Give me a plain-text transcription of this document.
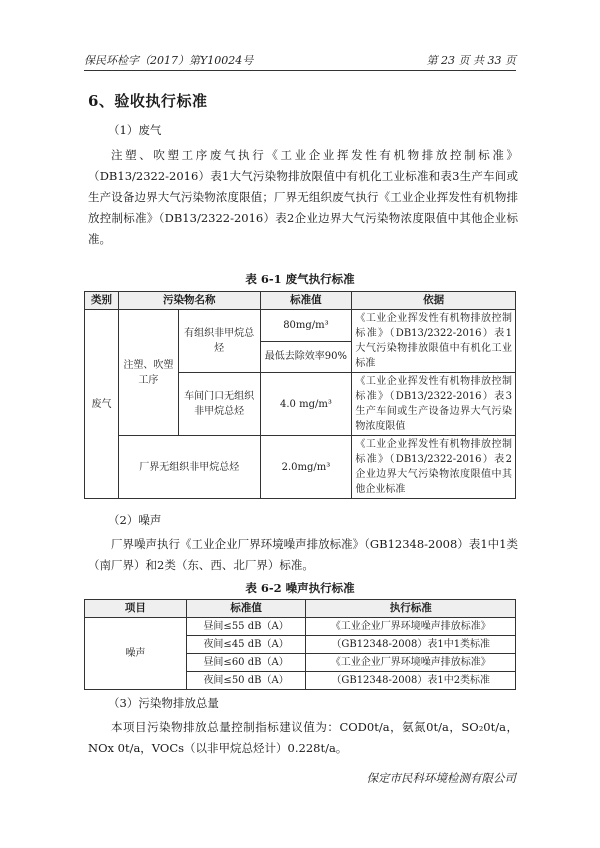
保民环检字（2017）第Y10024号	第 23 页 共 33 页
6、验收执行标准
（1）废气
注塑、吹塑工序废气执行《工业企业挥发性有机物排放控制标准》（DB13/2322-2016）表1大气污染物排放限值中有机化工业标准和表3生产车间或生产设备边界大气污染物浓度限值；厂界无组织废气执行《工业企业挥发性有机物排放控制标准》（DB13/2322-2016）表2企业边界大气污染物浓度限值中其他企业标准。
表 6-1 废气执行标准
类别	污染物名称		标准值	依据
废气	注塑、吹塑工序	有组织非甲烷总烃	80mg/m³	《工业企业挥发性有机物排放控制标准》（DB13/2322-2016）表1大气污染物排放限值中有机化工业标准
			最低去除效率90%	
		车间门口无组织非甲烷总烃	4.0 mg/m³	《工业企业挥发性有机物排放控制标准》（DB13/2322-2016）表3生产车间或生产设备边界大气污染物浓度限值
	厂界无组织非甲烷总烃		2.0mg/m³	《工业企业挥发性有机物排放控制标准》（DB13/2322-2016）表2企业边界大气污染物浓度限值中其他企业标准
（2）噪声
厂界噪声执行《工业企业厂界环境噪声排放标准》（GB12348-2008）表1中1类（南厂界）和2类（东、西、北厂界）标准。
表 6-2 噪声执行标准
项目	标准值	执行标准
噪声	昼间≤55 dB（A）	《工业企业厂界环境噪声排放标准》
	夜间≤45 dB（A）	（GB12348-2008）表1中1类标准
	昼间≤60 dB（A）	《工业企业厂界环境噪声排放标准》
	夜间≤50 dB（A）	（GB12348-2008）表1中2类标准
（3）污染物排放总量
本项目污染物排放总量控制指标建议值为：COD0t/a，氨氮0t/a，SO₂0t/a，NOx 0t/a，VOCs（以非甲烷总烃计）0.228t/a。
保定市民科环境检测有限公司
